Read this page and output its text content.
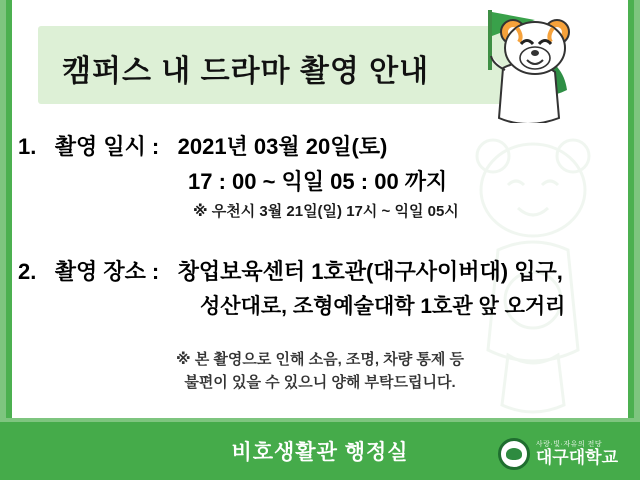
캠퍼스 내 드라마 촬영 안내
1. 촬영 일시 : 2021년 03월 20일(토)
17 : 00 ~ 익일 05 : 00 까지
※ 우천시 3월 21일(일) 17시 ~ 익일 05시
2. 촬영 장소 : 창업보육센터 1호관(대구사이버대) 입구,
성산대로, 조형예술대학 1호관 앞 오거리
※ 본 촬영으로 인해 소음, 조명, 차량 통제 등
불편이 있을 수 있으니 양해 부탁드립니다.
비호생활관 행정실	사랑·빛·자유의 전당
대구대학교
